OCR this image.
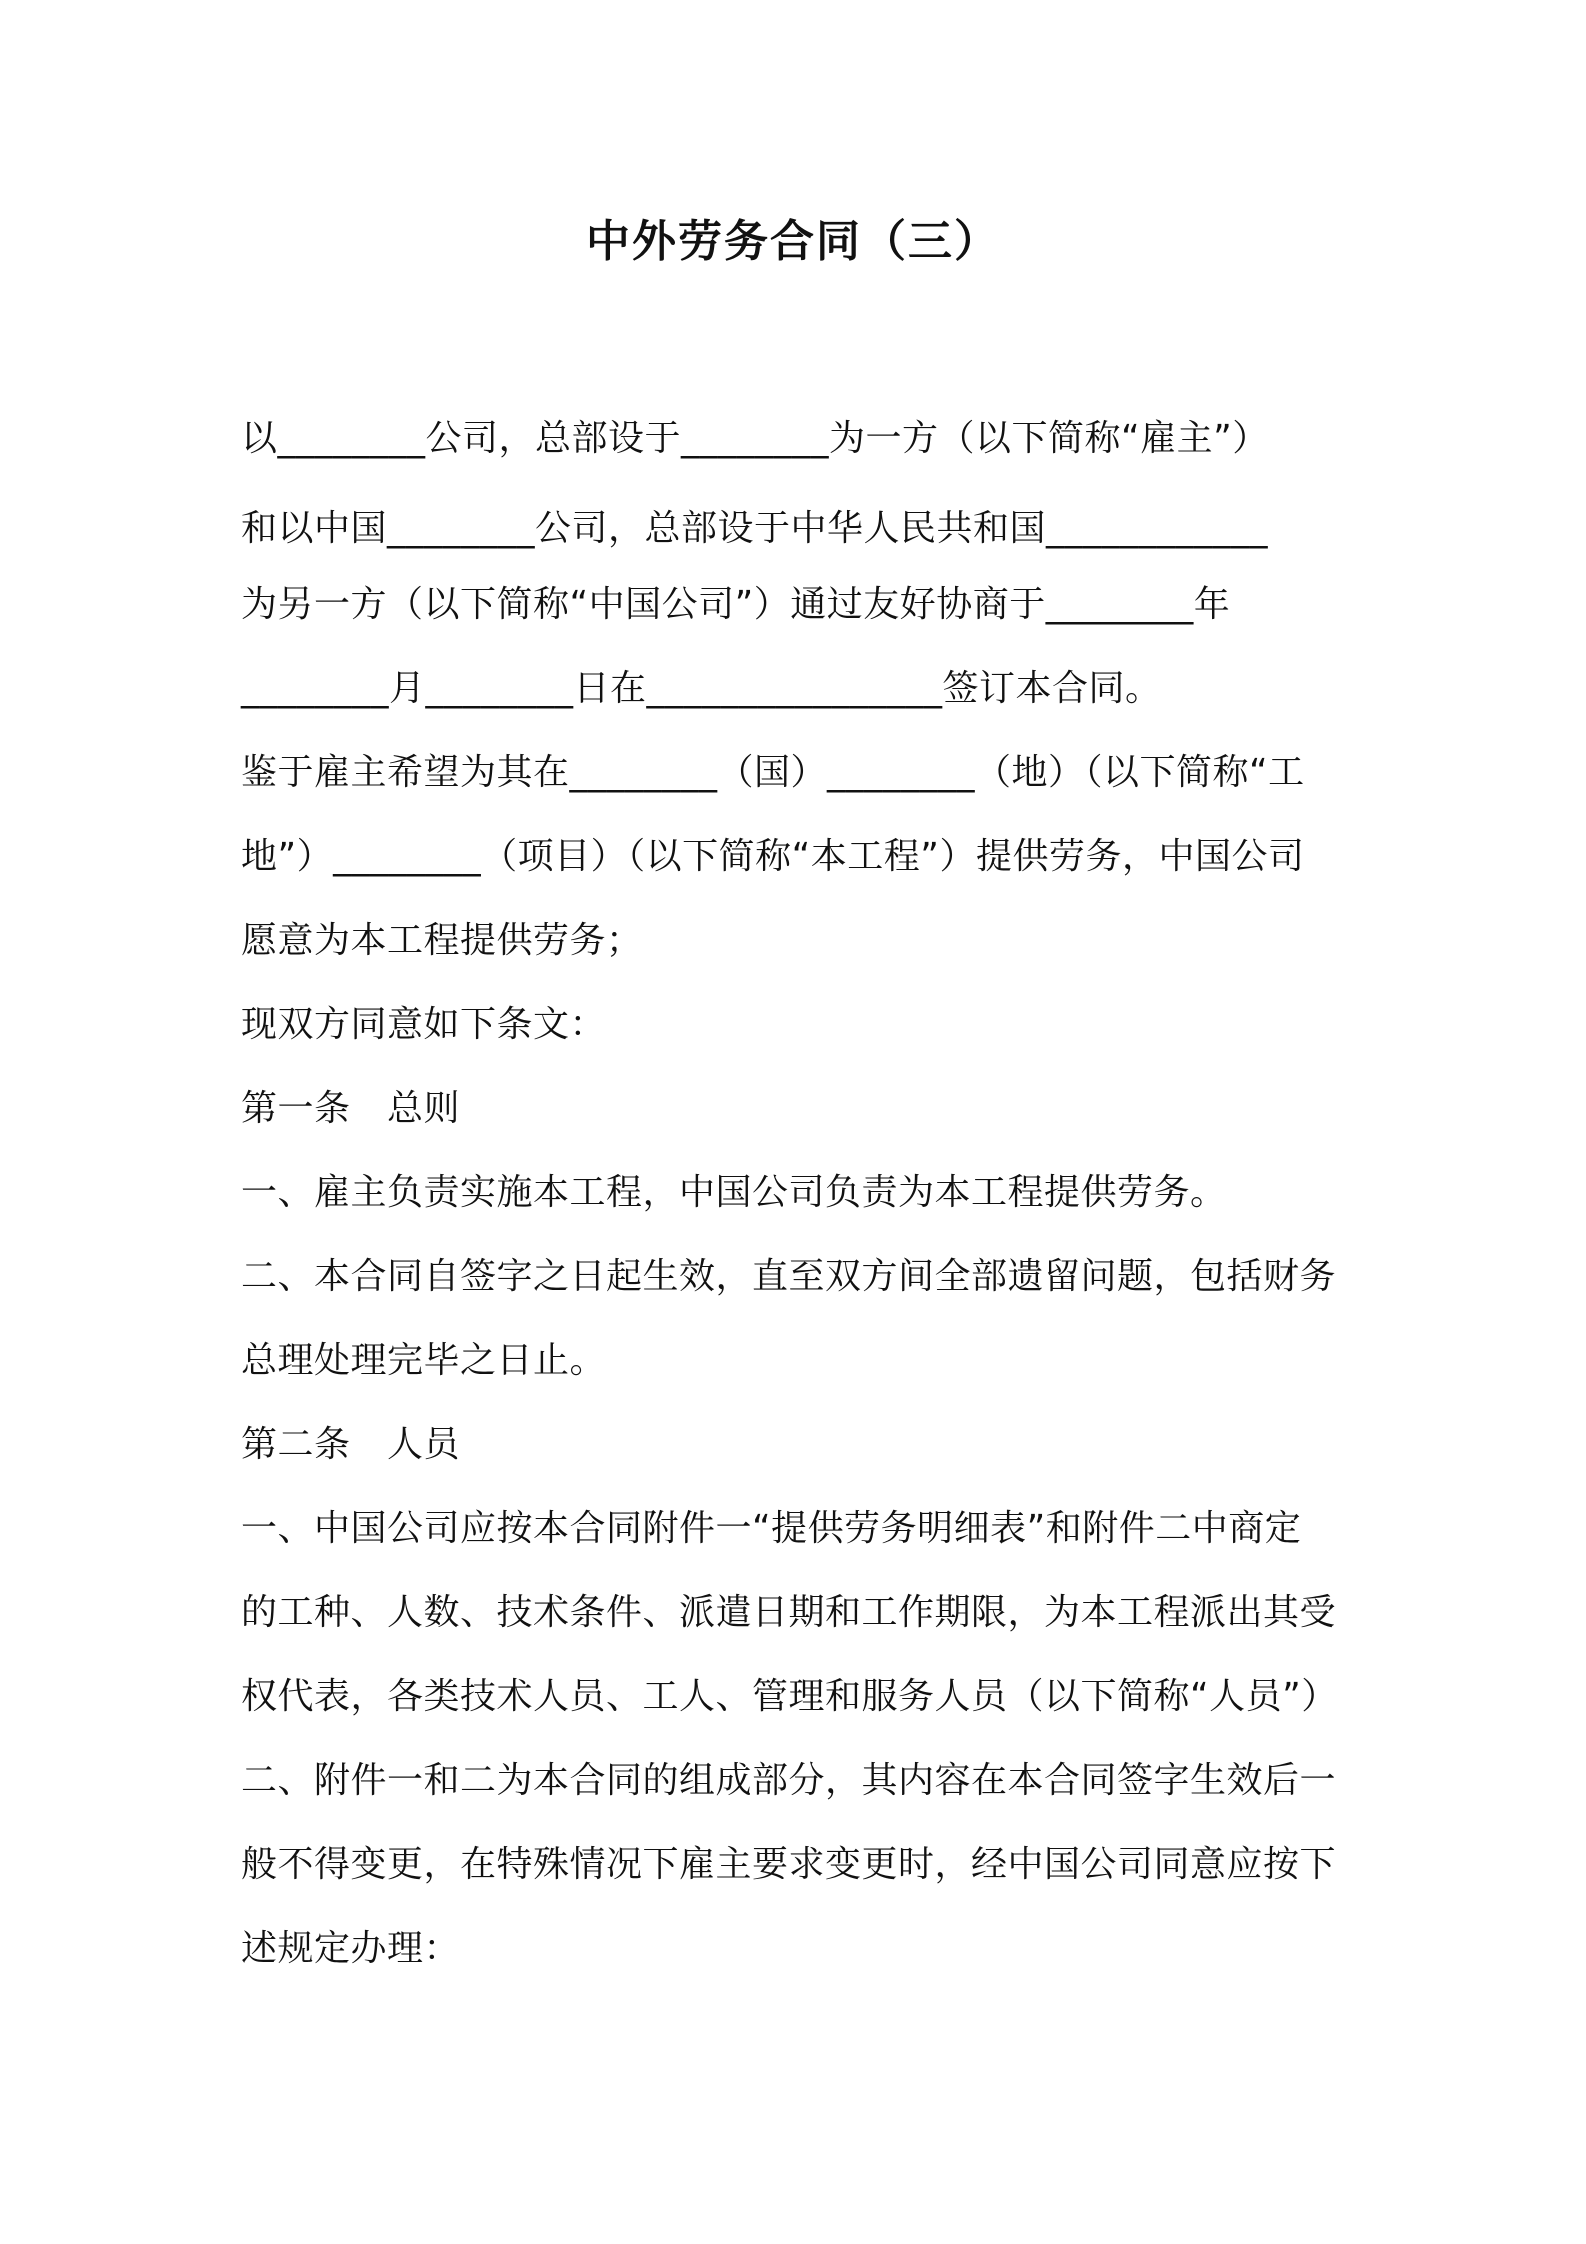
中外劳务合同（三）
以________公司，总部设于________为一方（以下简称“雇主”）
和以中国________公司，总部设于中华人民共和国____________
为另一方（以下简称“中国公司”）通过友好协商于________年
________月________日在________________签订本合同。
鉴于雇主希望为其在________（国）________（地）（以下简称“工
地”）________（项目）（以下简称“本工程”）提供劳务，中国公司
愿意为本工程提供劳务；
现双方同意如下条文：
第一条　总则
一、雇主负责实施本工程，中国公司负责为本工程提供劳务。
二、本合同自签字之日起生效，直至双方间全部遗留问题，包括财务
总理处理完毕之日止。
第二条　人员
一、中国公司应按本合同附件一“提供劳务明细表”和附件二中商定
的工种、人数、技术条件、派遣日期和工作期限，为本工程派出其受
权代表，各类技术人员、工人、管理和服务人员（以下简称“人员”）
二、附件一和二为本合同的组成部分，其内容在本合同签字生效后一
般不得变更，在特殊情况下雇主要求变更时，经中国公司同意应按下
述规定办理：
